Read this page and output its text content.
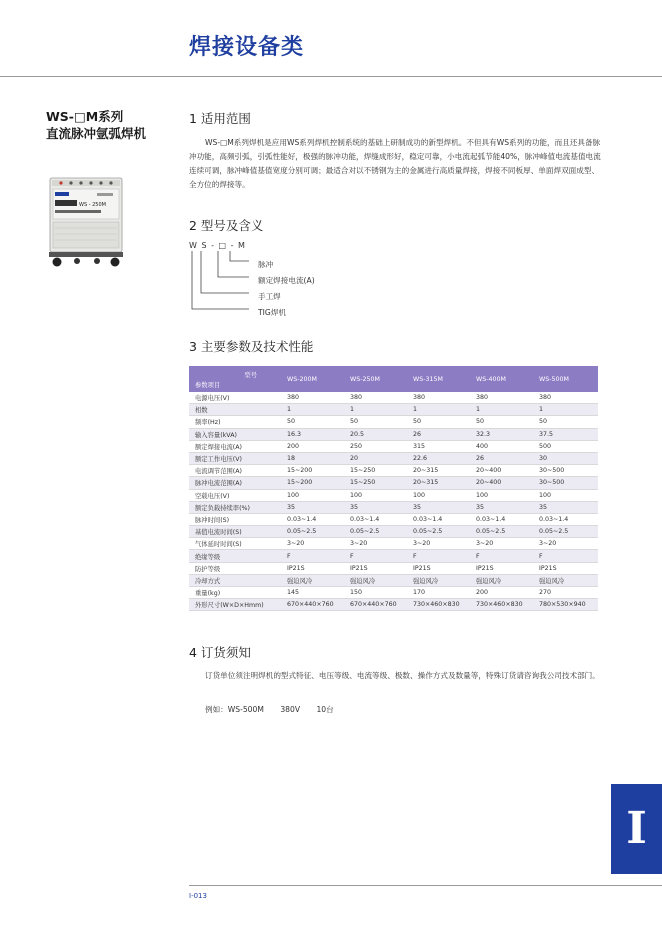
焊接设备类
WS-□M系列
直流脉冲氩弧焊机
WS - 250M
1 适用范围
WS-□M系列焊机是应用WS系列焊机控制系统的基础上研制成功的新型焊机。不但具有WS系列的功能，而且还具备脉冲功能，高频引弧，引弧性能好，极强的脉冲功能，焊缝成形好，稳定可靠，小电流起弧节能40%，脉冲峰值电流基值电流连续可调，脉冲峰值基值宽度分别可调；最适合对以不锈钢为主的金属进行高质量焊接，焊接不同板厚、单面焊双面成型、全方位的焊接等。
2 型号及含义
W S - □ - M
脉冲
额定焊接电流(A)
手工焊
TIG焊机
3 主要参数及技术性能
型号
参数项目	WS-200M	WS-250M	WS-315M	WS-400M	WS-500M
电源电压(V)	380	380	380	380	380
相数	1	1	1	1	1
频率(Hz)	50	50	50	50	50
输入容量(kVA)	16.3	20.5	26	32.3	37.5
额定焊接电流(A)	200	250	315	400	500
额定工作电压(V)	18	20	22.6	26	30
电流调节范围(A)	15~200	15~250	20~315	20~400	30~500
脉冲电流范围(A)	15~200	15~250	20~315	20~400	30~500
空载电压(V)	100	100	100	100	100
额定负载持续率(%)	35	35	35	35	35
脉冲时间(S)	0.03~1.4	0.03~1.4	0.03~1.4	0.03~1.4	0.03~1.4
基值电流时间(S)	0.05~2.5	0.05~2.5	0.05~2.5	0.05~2.5	0.05~2.5
气体延时时间(S)	3~20	3~20	3~20	3~20	3~20
绝缘等级	F	F	F	F	F
防护等级	IP21S	IP21S	IP21S	IP21S	IP21S
冷却方式	强迫风冷	强迫风冷	强迫风冷	强迫风冷	强迫风冷
重量(kg)	145	150	170	200	270
外形尺寸(W×D×Hmm)	670×440×760	670×440×760	730×460×830	730×460×830	780×530×940
4 订货须知
订货单位须注明焊机的型式特征、电压等级、电流等级、极数、操作方式及数量等，特殊订货请咨询我公司技术部门。
例如：WS-500M 380V 10台
I
I-013
